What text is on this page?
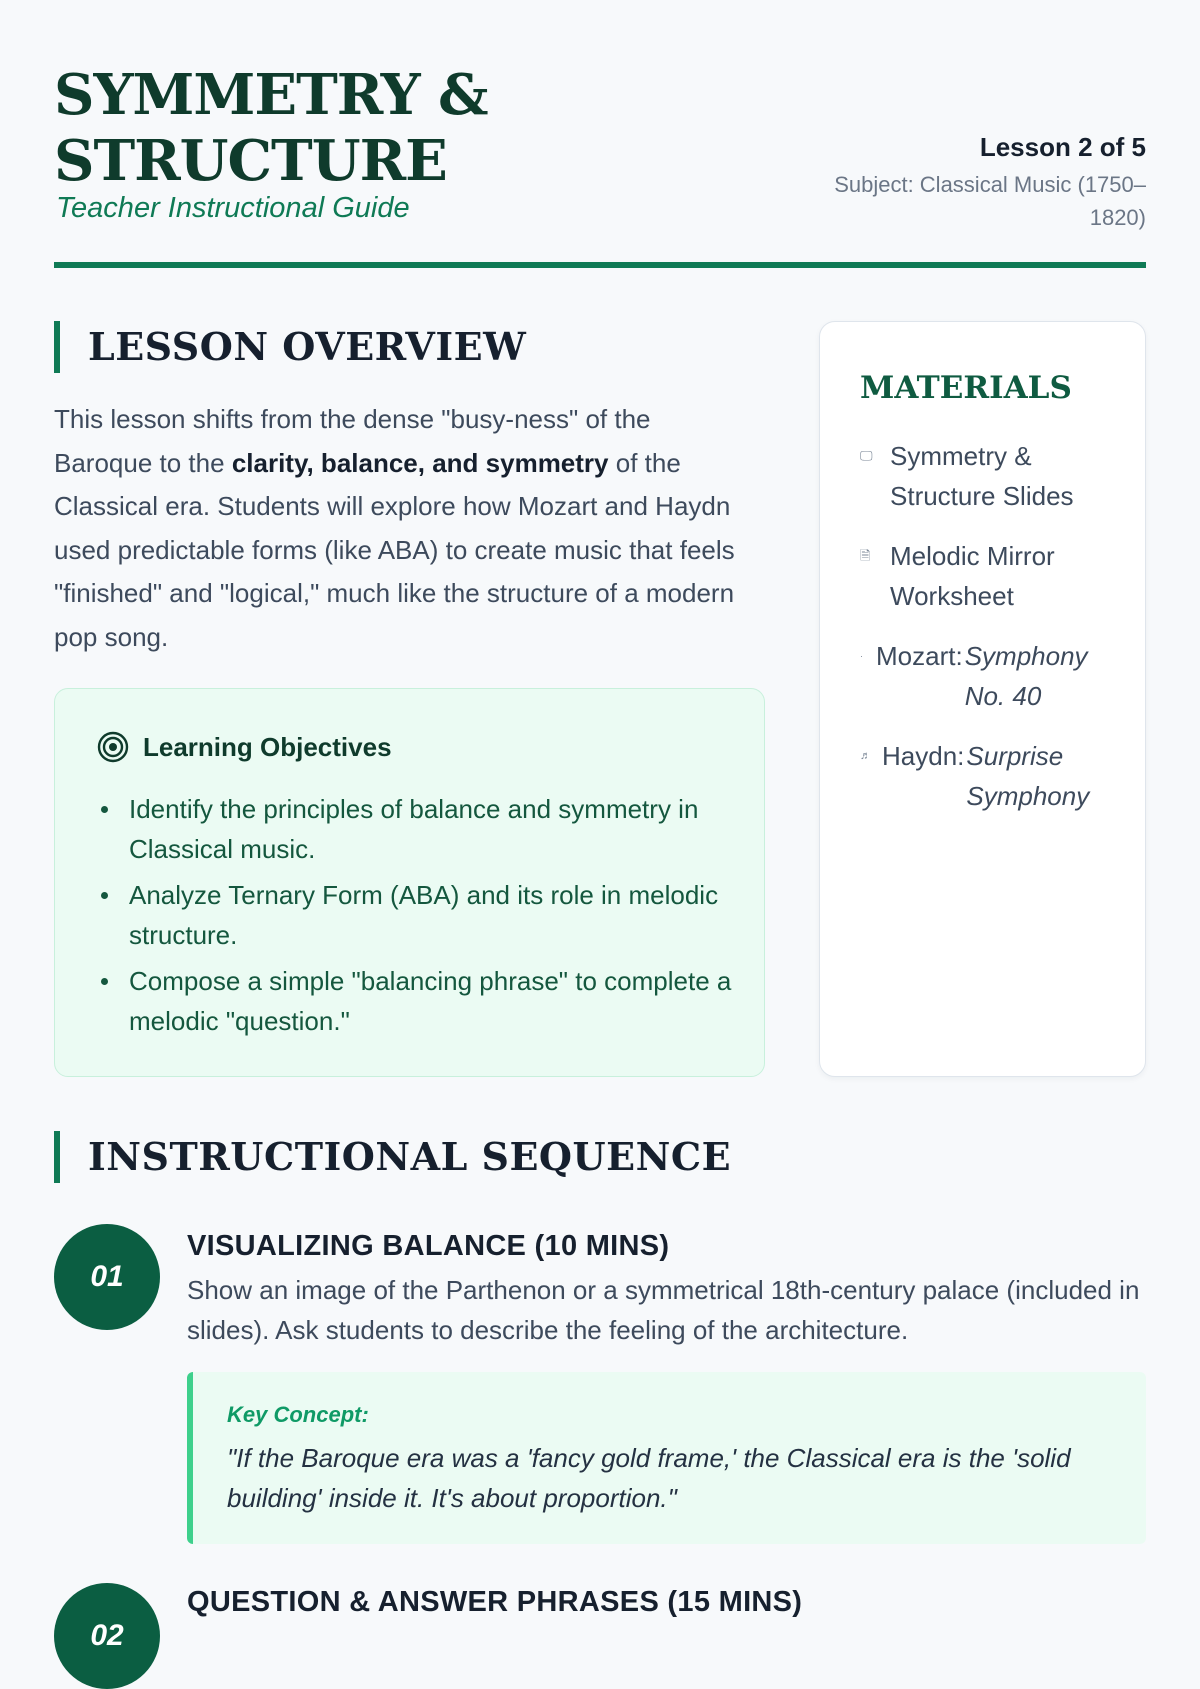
SYMMETRY & STRUCTURE
Teacher Instructional Guide
Lesson 2 of 5
Subject: Classical Music (1750–1820)
LESSON OVERVIEW

This lesson shifts from the dense "busy-ness" of the Baroque to the clarity, balance, and symmetry of the Classical era. Students will explore how Mozart and Haydn used predictable forms (like ABA) to create music that feels "finished" and "logical," much like the structure of a modern pop song.

Learning Objectives
Identify the principles of balance and symmetry in Classical music.
Analyze Ternary Form (ABA) and its role in melodic structure.
Compose a simple "balancing phrase" to complete a melodic "question."
MATERIALS
🖵 Symmetry & Structure Slides
🗎 Melodic Mirror Worksheet
· Mozart: Symphony No. 40
♬ Haydn: Surprise Symphony
INSTRUCTIONAL SEQUENCE
01
VISUALIZING BALANCE (10 MINS)

Show an image of the Parthenon or a symmetrical 18th-century palace (included in slides). Ask students to describe the feeling of the architecture.

Key Concept:
"If the Baroque era was a 'fancy gold frame,' the Classical era is the 'solid building' inside it. It's about proportion."
02
QUESTION & ANSWER PHRASES (15 MINS)
